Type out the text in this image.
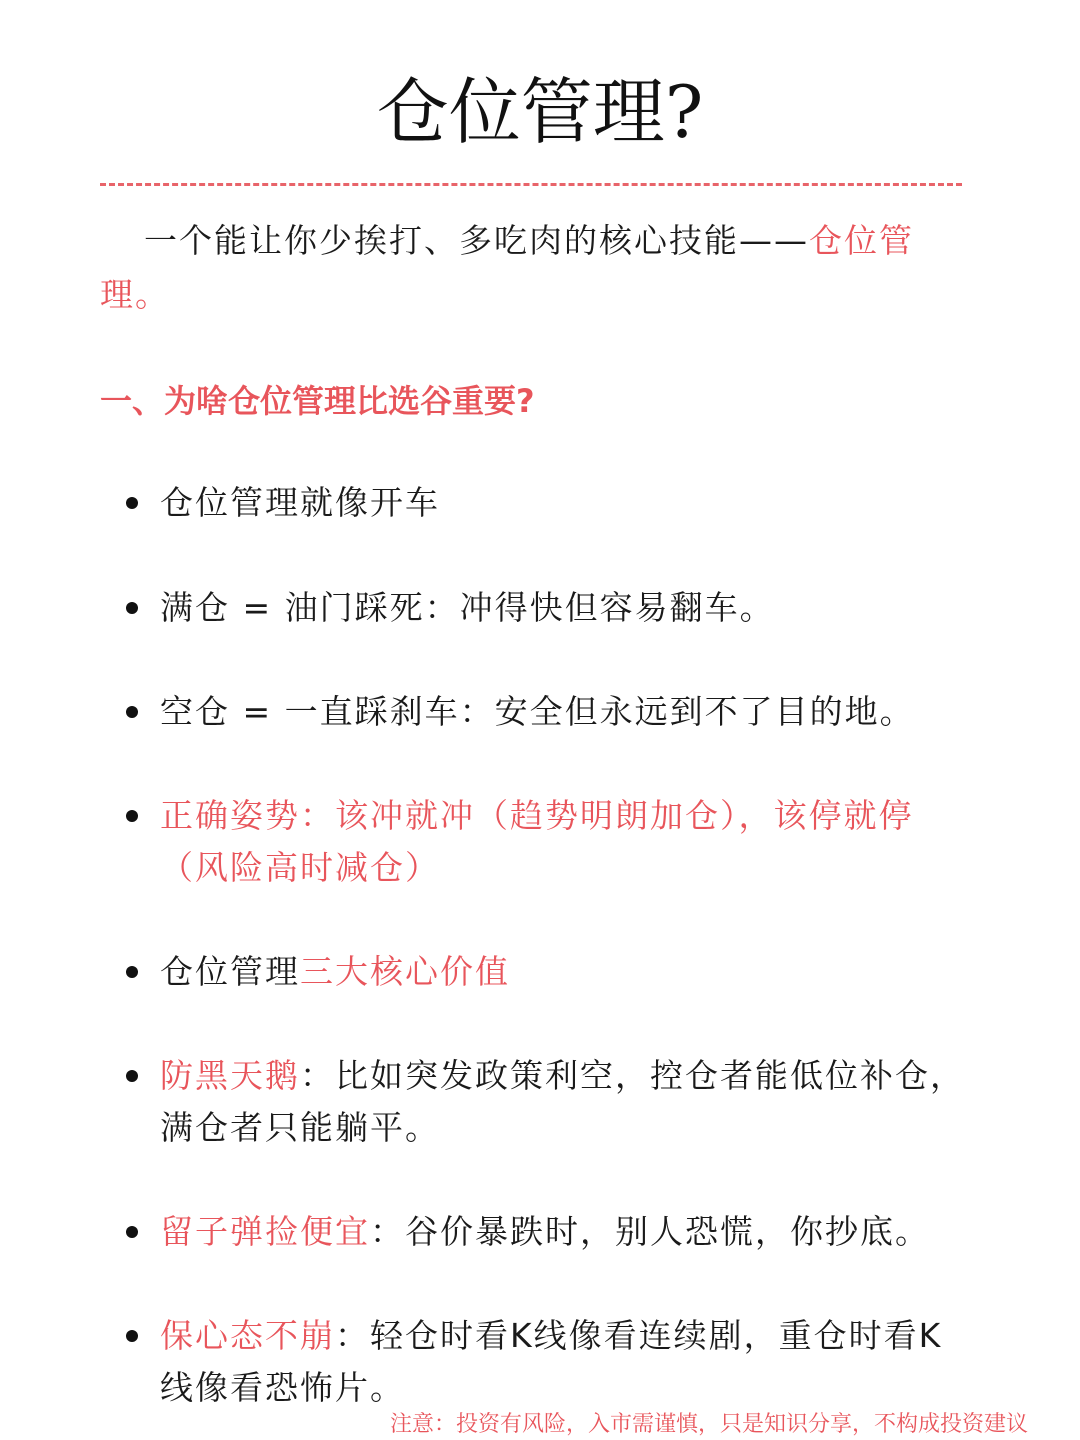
仓位管理?

一个能让你少挨打、多吃肉的核心技能——仓位管理。

一、为啥仓位管理比选谷重要?

仓位管理就像开车

满仓 = 油门踩死：冲得快但容易翻车。

空仓 = 一直踩刹车：安全但永远到不了目的地。

正确姿势：该冲就冲（趋势明朗加仓），该停就停（风险高时减仓）

仓位管理三大核心价值

防黑天鹅：比如突发政策利空，控仓者能低位补仓，满仓者只能躺平。

留子弹捡便宜：谷价暴跌时，别人恐慌，你抄底。

保心态不崩：轻仓时看K线像看连续剧，重仓时看K线像看恐怖片。

注意：投资有风险，入市需谨慎，只是知识分享，不构成投资建议
